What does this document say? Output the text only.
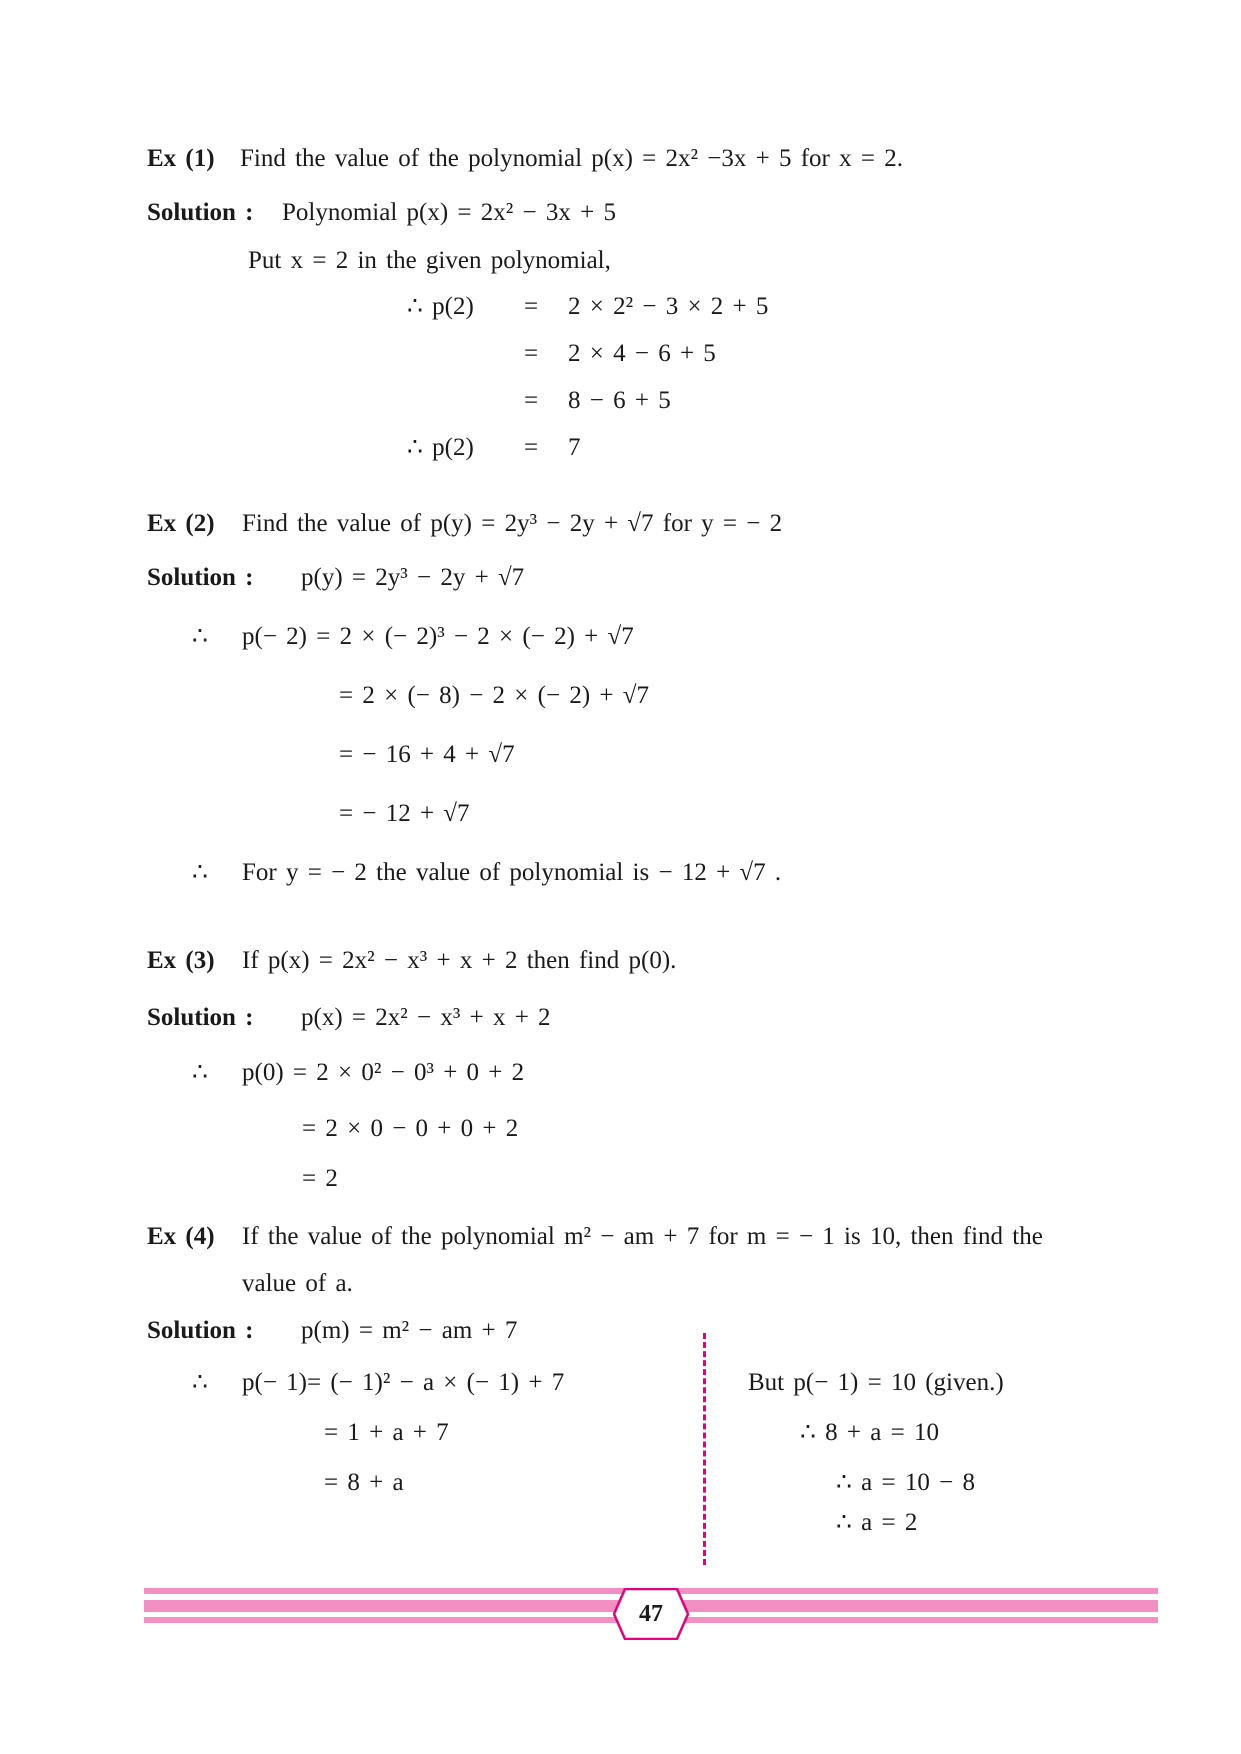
Ex (1) Find the value of the polynomial p(x) = 2x² −3x + 5 for x = 2.
Solution : Polynomial p(x) = 2x² − 3x + 5
Put x = 2 in the given polynomial,
∴ p(2) = 2 × 2² − 3 × 2 + 5
= 2 × 4 − 6 + 5
= 8 − 6 + 5
∴ p(2) = 7
Ex (2) Find the value of p(y) = 2y³ − 2y + √7 for y = − 2
Solution : p(y) = 2y³ − 2y + √7
∴ p(− 2) = 2 × (− 2)³ − 2 × (− 2) + √7
= 2 × (− 8) − 2 × (− 2) + √7
= − 16 + 4 + √7
= − 12 + √7
∴ For y = − 2 the value of polynomial is − 12 + √7 .
Ex (3) If p(x) = 2x² − x³ + x + 2 then find p(0).
Solution : p(x) = 2x² − x³ + x + 2
∴ p(0) = 2 × 0² − 0³ + 0 + 2
= 2 × 0 − 0 + 0 + 2
= 2
Ex (4) If the value of the polynomial m² − am + 7 for m = − 1 is 10, then find the
value of a.
Solution : p(m) = m² − am + 7
∴ p(− 1)= (− 1)² − a × (− 1) + 7
= 1 + a + 7
= 8 + a
But p(− 1) = 10 (given.)
∴ 8 + a = 10
∴ a = 10 − 8
∴ a = 2
47
